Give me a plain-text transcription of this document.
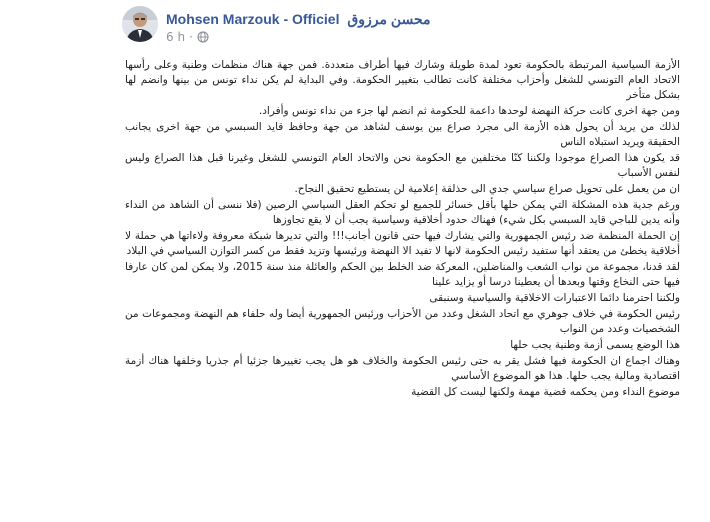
Mohsen Marzouk - Officiel محسن مرزوق
6 h ·

الأزمة السياسية المرتبطة بالحكومة تعود لمدة طويلة وشارك فيها أطراف متعددة. فمن جهة هناك منظمات وطنية وعلى رأسها الاتحاد العام التونسي للشغل وأحزاب مختلفة كانت تطالب بتغيير الحكومة. وفي البداية لم يكن نداء تونس من بينها وانضم لها بشكل متأخر

ومن جهة اخرى كانت حركة النهضة لوحدها داعمة للحكومة ثم انضم لها جزء من نداء تونس وأفراد.

لذلك من يريد أن يحول هذه الأزمة الى مجرد صراع بين يوسف لشاهد من جهة وحافظ قايد السبسي من جهة اخرى يجانب الحقيقة ويريد استبلاه الناس

قد يكون هذا الصراع موجودا ولكننا كنّا مختلفين مع الحكومة نحن والاتحاد العام التونسي للشغل وغيرنا قبل هذا الصراع وليس لنفس الأسباب

ان من يعمل على تحويل صراع سياسي جدي الى حذلقة إعلامية لن يستطيع تحقيق النجاح.

ورغم جدية هذه المشكلة التي يمكن حلها بأقل خسائر للجميع لو تحكم العقل السياسي الرصين (فلا ننسى أن الشاهد من النداء وأنه يدين للباجي قايد السبسي بكل شيء) فهناك حدود أخلاقية وسياسية يجب أن لا يقع تجاوزها

إن الحملة المنظمة ضد رئيس الجمهورية والتي يشارك فيها حتى قانون أجانب!!! والتي تديرها شبكة معروفة ولاءاتها هي حملة لا أخلاقية يخطئ من يعتقد أنها ستفيد رئيس الحكومة لانها لا تفيد الا النهضة ورئيسها وتزيد فقط من كسر التوازن السياسي في البلاد

لقد قدنا، مجموعة من نواب الشعب والمناضلين، المعركة ضد الخلط بين الحكم والعائلة منذ سنة 2015، ولا يمكن لمن كان عارفا فيها حتى النخاع وقتها وبعدها أن يعطينا درسا أو يزايد علينا

ولكننا احترمنا دائما الاعتبارات الاخلاقية والسياسية وسنبقى

رئيس الحكومة في خلاف جوهري مع اتحاد الشغل وعدد من الأحزاب ورئيس الجمهورية أيضا وله حلفاء هم النهضة ومجموعات من الشخصيات وعدد من النواب

هذا الوضع يسمى أزمة وطنية يجب حلها

وهناك اجماع ان الحكومة فيها فشل يقر به حتى رئيس الحكومة والخلاف هو هل يجب تغييرها جزئيا أم جذريا وخلفها هناك أزمة اقتصادية ومالية يجب حلها. هذا هو الموضوع الأساسي

موضوع النداء ومن يحكمه قضية مهمة ولكنها ليست كل القضية
